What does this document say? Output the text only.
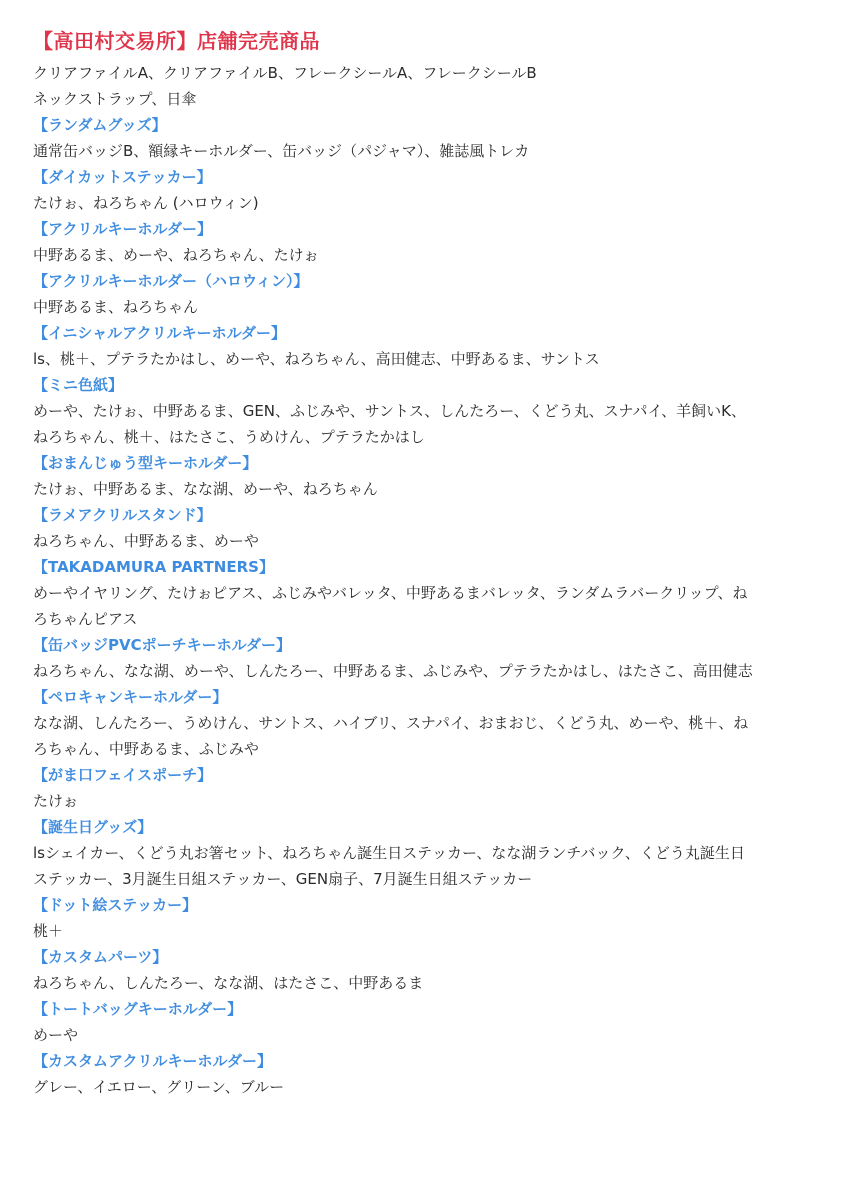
【高田村交易所】店舗完売商品

クリアファイルA、クリアファイルB、フレークシールA、フレークシールB

ネックストラップ、日傘

【ランダムグッズ】

通常缶バッジB、額縁キーホルダー、缶バッジ（パジャマ）、雑誌風トレカ

【ダイカットステッカー】

たけぉ、ねろちゃん (ハロウィン)

【アクリルキーホルダー】

中野あるま、めーや、ねろちゃん、たけぉ

【アクリルキーホルダー（ハロウィン）】

中野あるま、ねろちゃん

【イニシャルアクリルキーホルダー】

ls、桃＋、プテラたかはし、めーや、ねろちゃん、高田健志、中野あるま、サントス

【ミニ色紙】

めーや、たけぉ、中野あるま、GEN、ふじみや、サントス、しんたろー、くどう丸、スナパイ、羊飼いK、

ねろちゃん、桃＋、はたさこ、うめけん、プテラたかはし

【おまんじゅう型キーホルダー】

たけぉ、中野あるま、なな湖、めーや、ねろちゃん

【ラメアクリルスタンド】

ねろちゃん、中野あるま、めーや

【TAKADAMURA PARTNERS】

めーやイヤリング、たけぉピアス、ふじみやバレッタ、中野あるまバレッタ、ランダムラバークリップ、ね

ろちゃんピアス

【缶バッジPVCポーチキーホルダー】

ねろちゃん、なな湖、めーや、しんたろー、中野あるま、ふじみや、プテラたかはし、はたさこ、高田健志

【ペロキャンキーホルダー】

なな湖、しんたろー、うめけん、サントス、ハイブリ、スナパイ、おまおじ、くどう丸、めーや、桃＋、ね

ろちゃん、中野あるま、ふじみや

【がま口フェイスポーチ】

たけぉ

【誕生日グッズ】

lsシェイカー、くどう丸お箸セット、ねろちゃん誕生日ステッカー、なな湖ランチバック、くどう丸誕生日

ステッカー、3月誕生日組ステッカー、GEN扇子、7月誕生日組ステッカー

【ドット絵ステッカー】

桃＋

【カスタムパーツ】

ねろちゃん、しんたろー、なな湖、はたさこ、中野あるま

【トートバッグキーホルダー】

めーや

【カスタムアクリルキーホルダー】

グレー、イエロー、グリーン、ブルー
